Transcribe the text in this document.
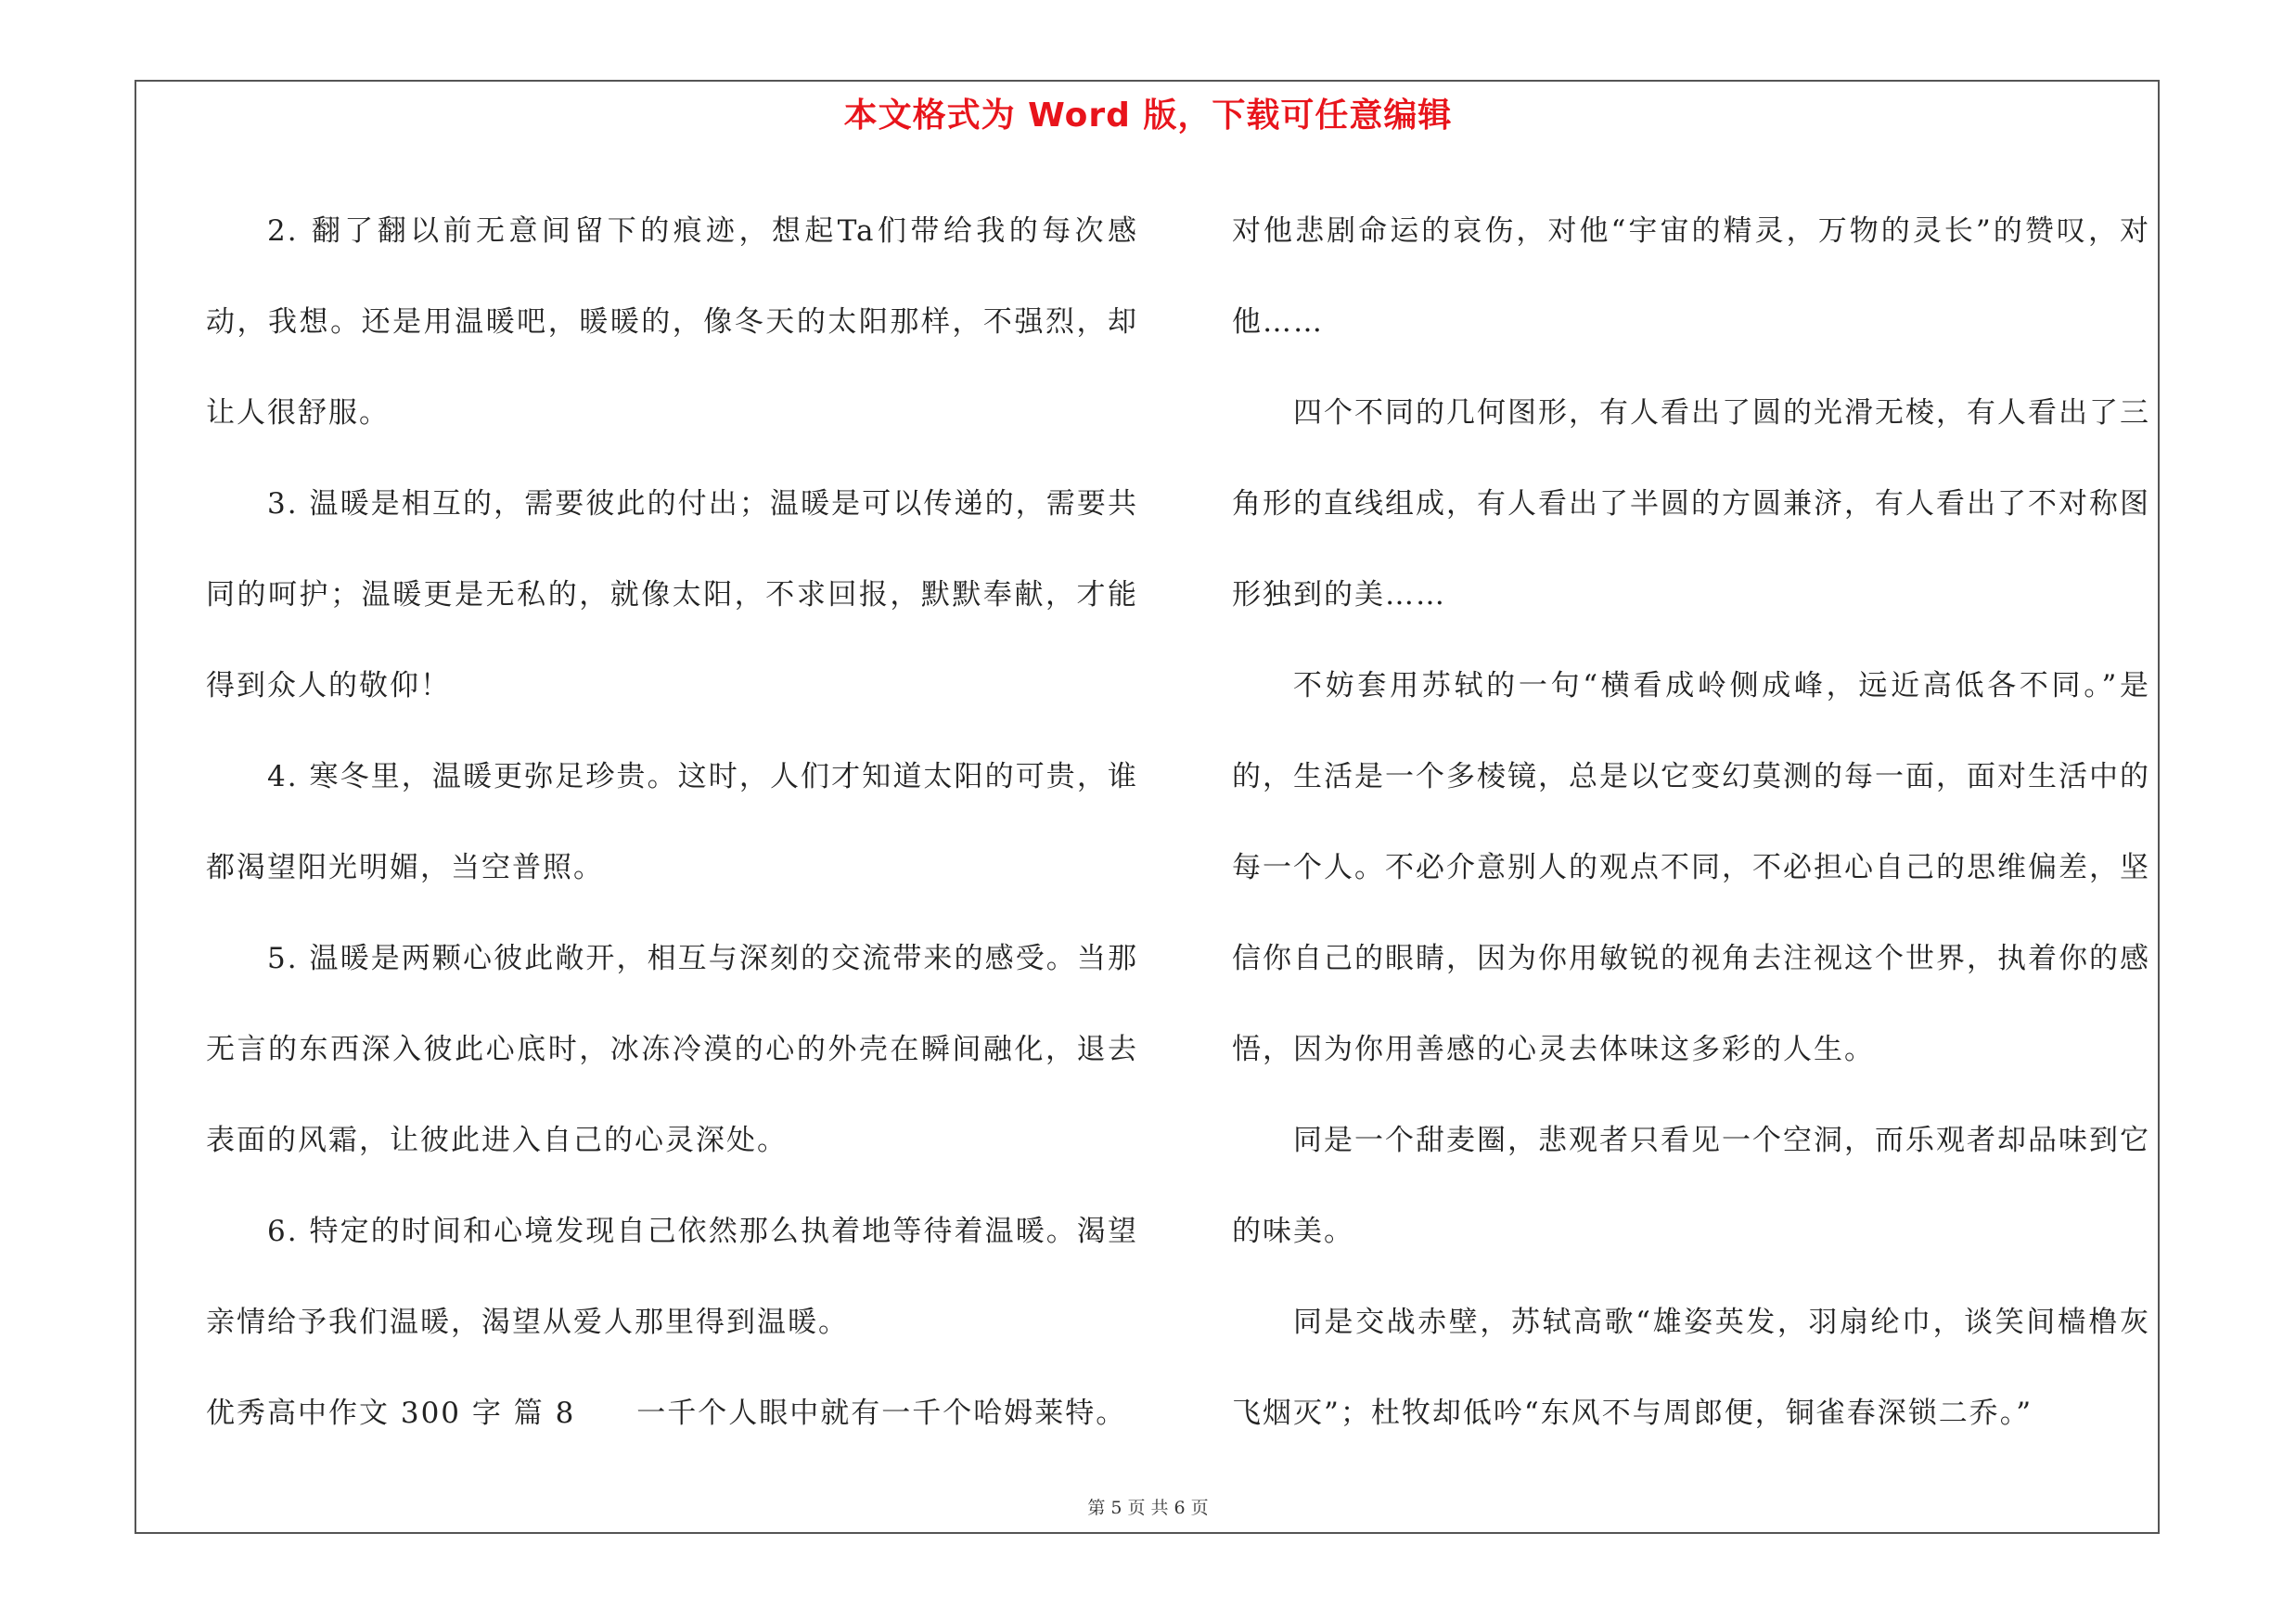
本文格式为 Word 版，下载可任意编辑

2. 翻了翻以前无意间留下的痕迹，想起Ta们带给我的每次感动，我想。还是用温暖吧，暖暖的，像冬天的太阳那样，不强烈，却让人很舒服。

3. 温暖是相互的，需要彼此的付出；温暖是可以传递的，需要共同的呵护；温暖更是无私的，就像太阳，不求回报，默默奉献，才能得到众人的敬仰！

4. 寒冬里，温暖更弥足珍贵。这时，人们才知道太阳的可贵，谁都渴望阳光明媚，当空普照。

5. 温暖是两颗心彼此敞开，相互与深刻的交流带来的感受。当那无言的东西深入彼此心底时，冰冻冷漠的心的外壳在瞬间融化，退去表面的风霜，让彼此进入自己的心灵深处。

6. 特定的时间和心境发现自己依然那么执着地等待着温暖。渴望亲情给予我们温暖，渴望从爱人那里得到温暖。

优秀高中作文 300 字 篇 8　　一千个人眼中就有一千个哈姆莱特。

对他悲剧命运的哀伤，对他“宇宙的精灵，万物的灵长”的赞叹，对他……

四个不同的几何图形，有人看出了圆的光滑无棱，有人看出了三角形的直线组成，有人看出了半圆的方圆兼济，有人看出了不对称图形独到的美……

不妨套用苏轼的一句“横看成岭侧成峰，远近高低各不同。”是的，生活是一个多棱镜，总是以它变幻莫测的每一面，面对生活中的每一个人。不必介意别人的观点不同，不必担心自己的思维偏差，坚信你自己的眼睛，因为你用敏锐的视角去注视这个世界，执着你的感悟，因为你用善感的心灵去体味这多彩的人生。

同是一个甜麦圈，悲观者只看见一个空洞，而乐观者却品味到它的味美。

同是交战赤壁，苏轼高歌“雄姿英发，羽扇纶巾，谈笑间樯橹灰飞烟灭”；杜牧却低吟“东风不与周郎便，铜雀春深锁二乔。”

第 5 页 共 6 页
